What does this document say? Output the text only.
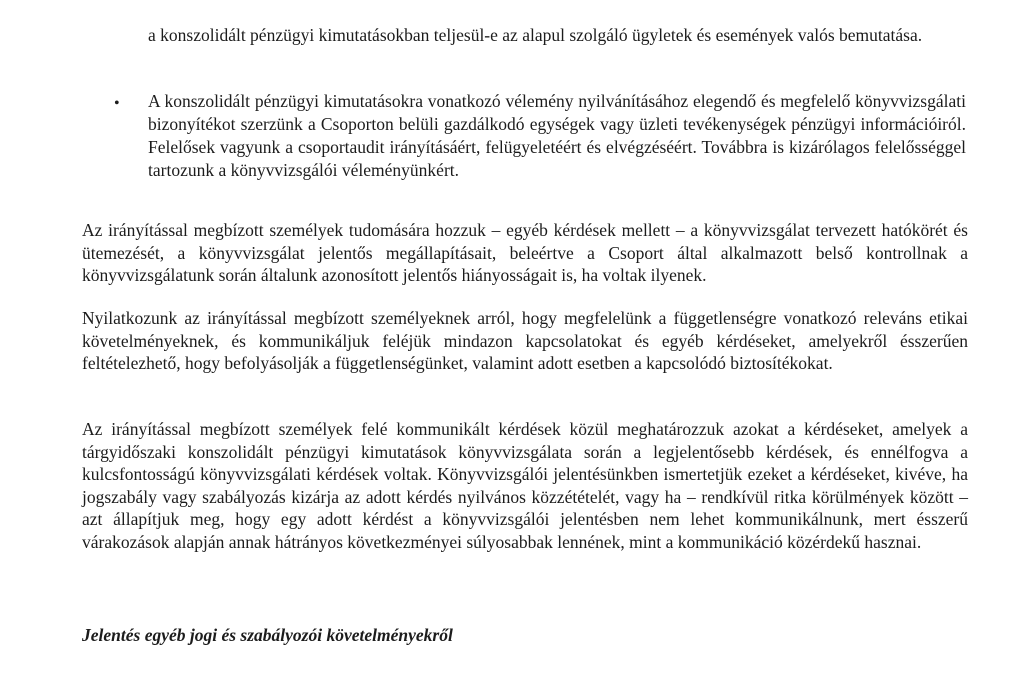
a konszolidált pénzügyi kimutatásokban teljesül-e az alapul szolgáló ügyletek és események valós bemutatása.
• A konszolidált pénzügyi kimutatásokra vonatkozó vélemény nyilvánításához elegendő és megfelelő könyvvizsgálati bizonyítékot szerzünk a Csoporton belüli gazdálkodó egységek vagy üzleti tevékenységek pénzügyi információiról. Felelősek vagyunk a csoportaudit irányításáért, felügyeletéért és elvégzéséért. Továbbra is kizárólagos felelősséggel tartozunk a könyvvizsgálói véleményünkért.
Az irányítással megbízott személyek tudomására hozzuk – egyéb kérdések mellett – a könyvvizsgálat tervezett hatókörét és ütemezését, a könyvvizsgálat jelentős megállapításait, beleértve a Csoport által alkalmazott belső kontrollnak a könyvvizsgálatunk során általunk azonosított jelentős hiányosságait is, ha voltak ilyenek.
Nyilatkozunk az irányítással megbízott személyeknek arról, hogy megfelelünk a függetlenségre vonatkozó releváns etikai követelményeknek, és kommunikáljuk feléjük mindazon kapcsolatokat és egyéb kérdéseket, amelyekről ésszerűen feltételezhető, hogy befolyásolják a függetlenségünket, valamint adott esetben a kapcsolódó biztosítékokat.
Az irányítással megbízott személyek felé kommunikált kérdések közül meghatározzuk azokat a kérdéseket, amelyek a tárgyidőszaki konszolidált pénzügyi kimutatások könyvvizsgálata során a legjelentősebb kérdések, és ennélfogva a kulcsfontosságú könyvvizsgálati kérdések voltak. Könyvvizsgálói jelentésünkben ismertetjük ezeket a kérdéseket, kivéve, ha jogszabály vagy szabályozás kizárja az adott kérdés nyilvános közzétételét, vagy ha – rendkívül ritka körülmények között – azt állapítjuk meg, hogy egy adott kérdést a könyvvizsgálói jelentésben nem lehet kommunikálnunk, mert ésszerű várakozások alapján annak hátrányos következményei súlyosabbak lennének, mint a kommunikáció közérdekű hasznai.
Jelentés egyéb jogi és szabályozói követelményekről
